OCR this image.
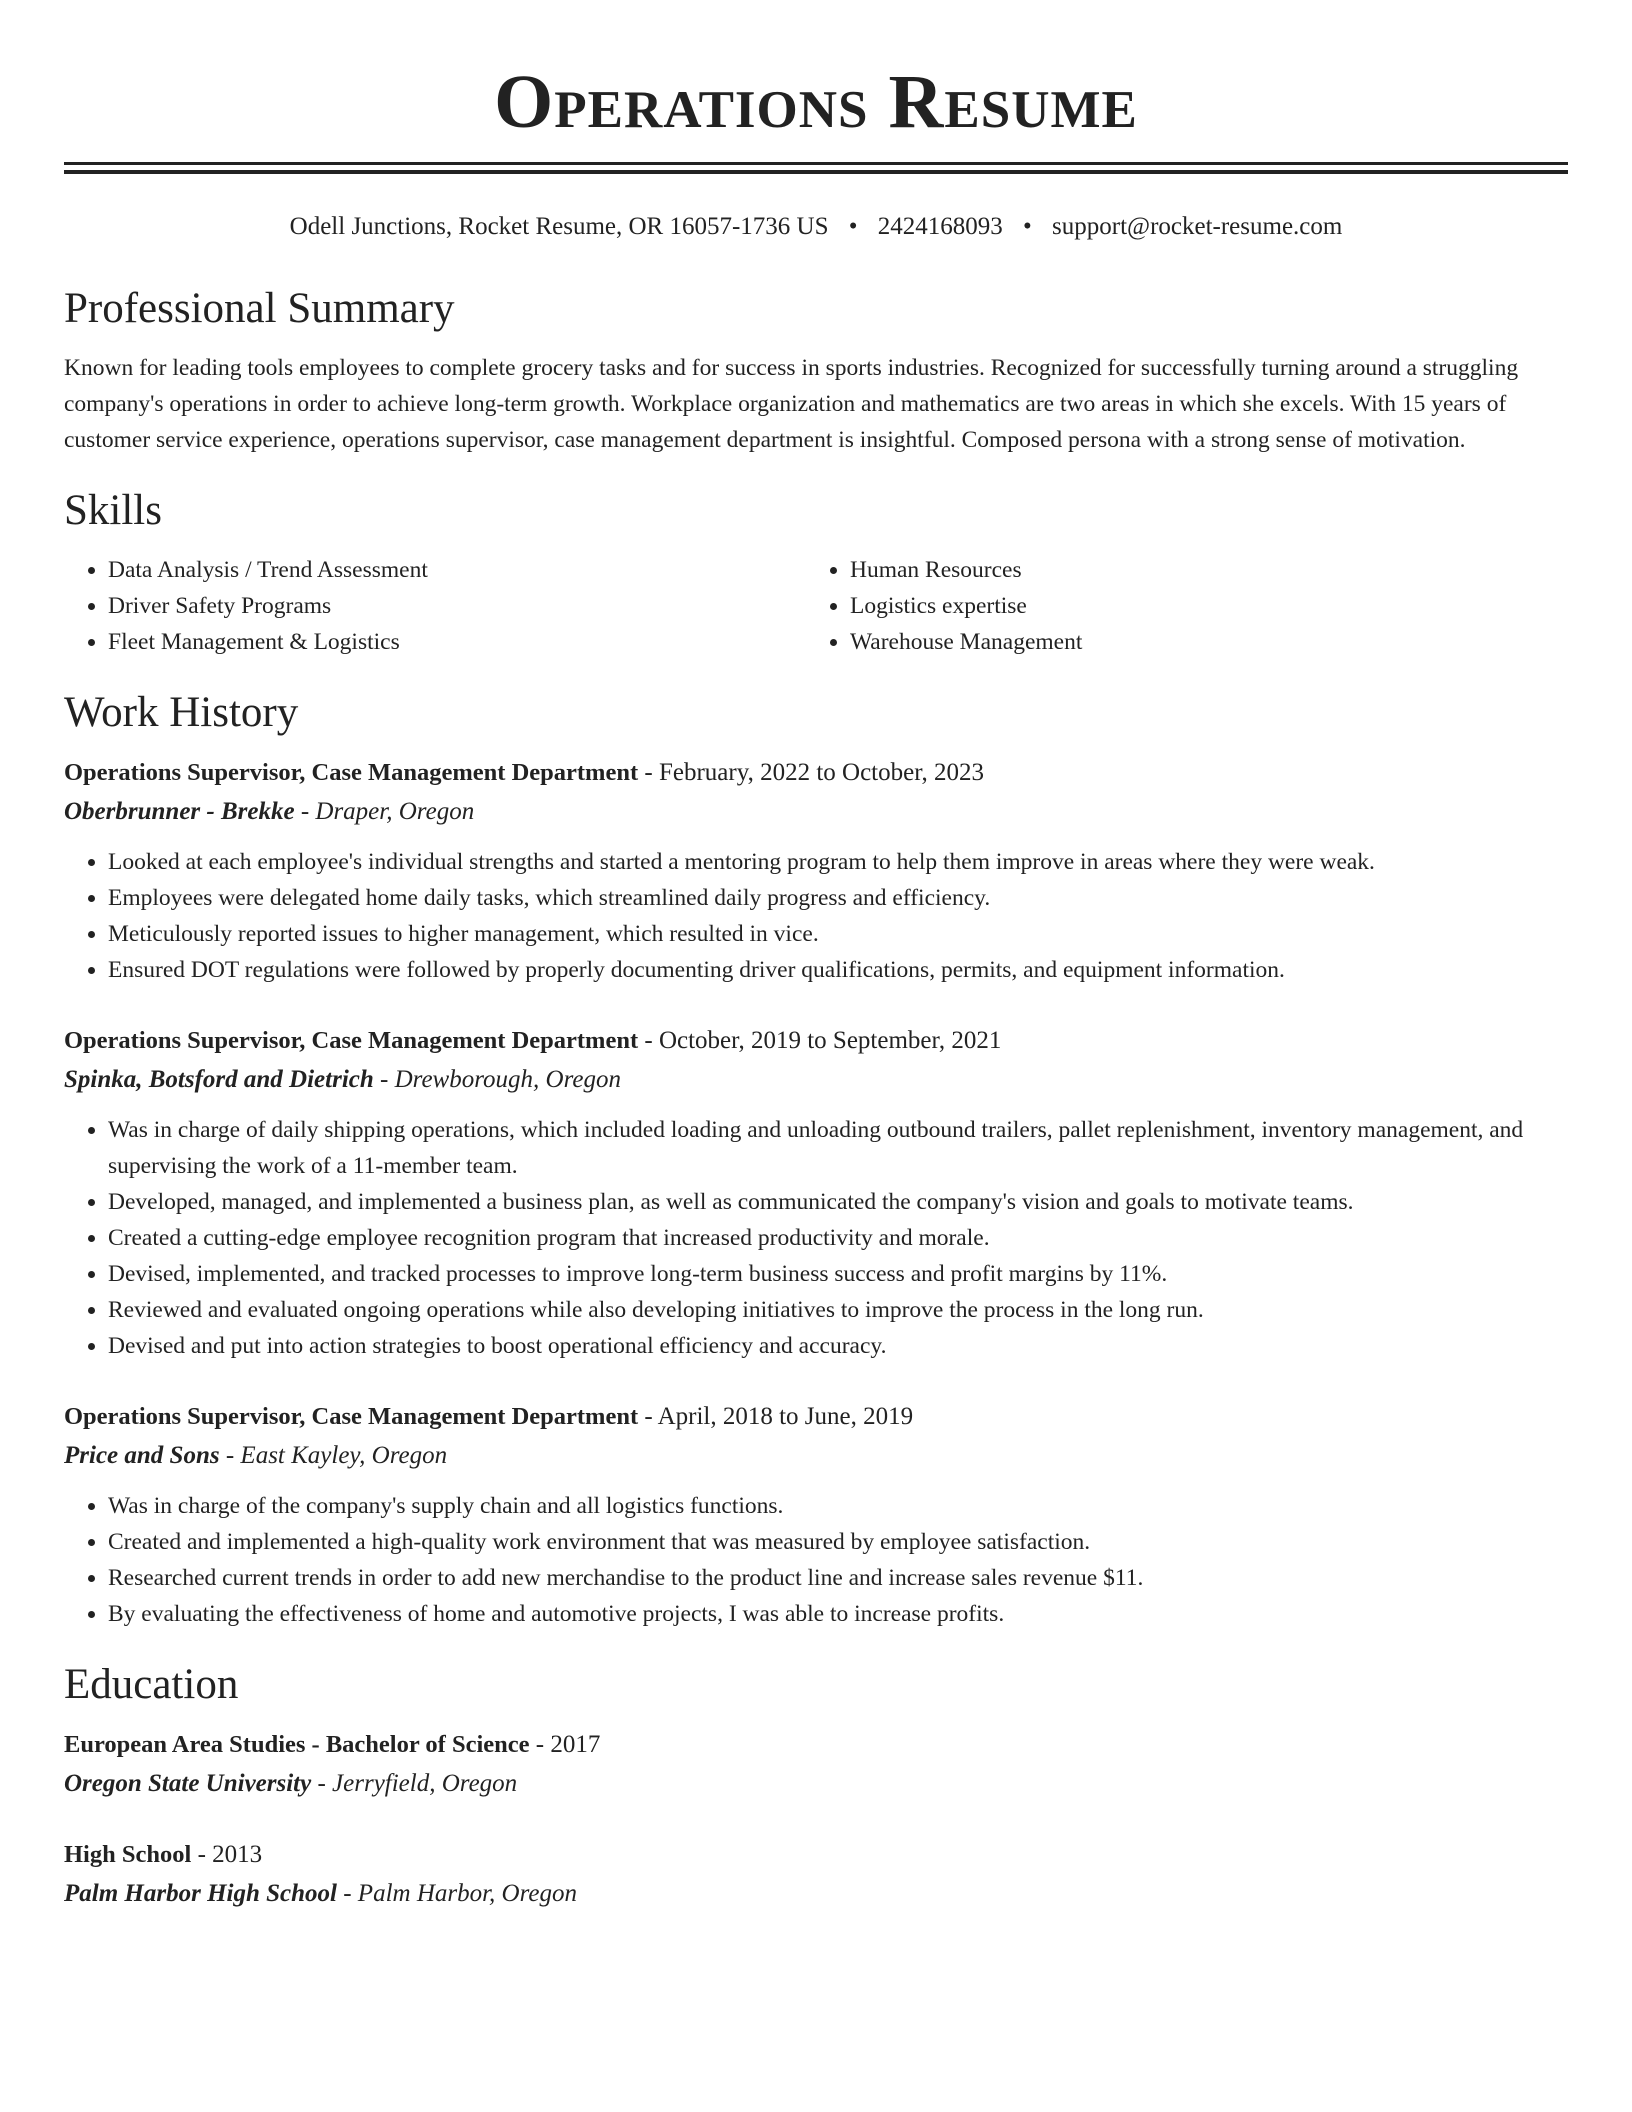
Operations Resume
Odell Junctions, Rocket Resume, OR 16057-1736 US • 2424168093 • support@rocket-resume.com
Professional Summary

Known for leading tools employees to complete grocery tasks and for success in sports industries. Recognized for successfully turning around a struggling company's operations in order to achieve long-term growth. Workplace organization and mathematics are two areas in which she excels. With 15 years of customer service experience, operations supervisor, case management department is insightful. Composed persona with a strong sense of motivation.

Skills
• Data Analysis / Trend Assessment
• Driver Safety Programs
• Fleet Management & Logistics
• Human Resources
• Logistics expertise
• Warehouse Management
Work History
Operations Supervisor, Case Management Department - February, 2022 to October, 2023
Oberbrunner - Brekke - Draper, Oregon
• Looked at each employee's individual strengths and started a mentoring program to help them improve in areas where they were weak.
• Employees were delegated home daily tasks, which streamlined daily progress and efficiency.
• Meticulously reported issues to higher management, which resulted in vice.
• Ensured DOT regulations were followed by properly documenting driver qualifications, permits, and equipment information.
Operations Supervisor, Case Management Department - October, 2019 to September, 2021
Spinka, Botsford and Dietrich - Drewborough, Oregon
• Was in charge of daily shipping operations, which included loading and unloading outbound trailers, pallet replenishment, inventory management, and supervising the work of a 11-member team.
• Developed, managed, and implemented a business plan, as well as communicated the company's vision and goals to motivate teams.
• Created a cutting-edge employee recognition program that increased productivity and morale.
• Devised, implemented, and tracked processes to improve long-term business success and profit margins by 11%.
• Reviewed and evaluated ongoing operations while also developing initiatives to improve the process in the long run.
• Devised and put into action strategies to boost operational efficiency and accuracy.
Operations Supervisor, Case Management Department - April, 2018 to June, 2019
Price and Sons - East Kayley, Oregon
• Was in charge of the company's supply chain and all logistics functions.
• Created and implemented a high-quality work environment that was measured by employee satisfaction.
• Researched current trends in order to add new merchandise to the product line and increase sales revenue $11.
• By evaluating the effectiveness of home and automotive projects, I was able to increase profits.
Education
European Area Studies - Bachelor of Science - 2017
Oregon State University - Jerryfield, Oregon
High School - 2013
Palm Harbor High School - Palm Harbor, Oregon
